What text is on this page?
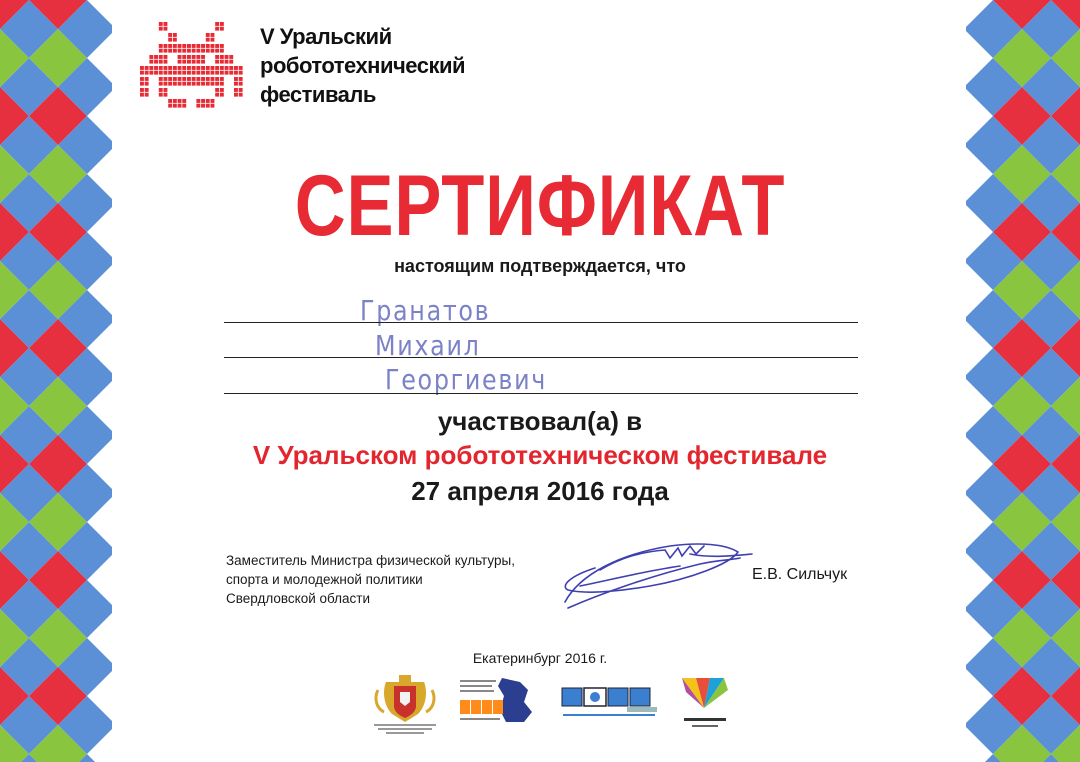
V Уральский
робототехнический
фестиваль
СЕРТИФИКАТ
настоящим подтверждается, что
Гранатов
Михаил
Георгиевич
участвовал(а) в
V Уральском робототехническом фестивале
27 апреля 2016 года
Заместитель Министра физической культуры,
спорта и молодежной политики
Свердловской области
Е.В. Сильчук
Екатеринбург 2016 г.
